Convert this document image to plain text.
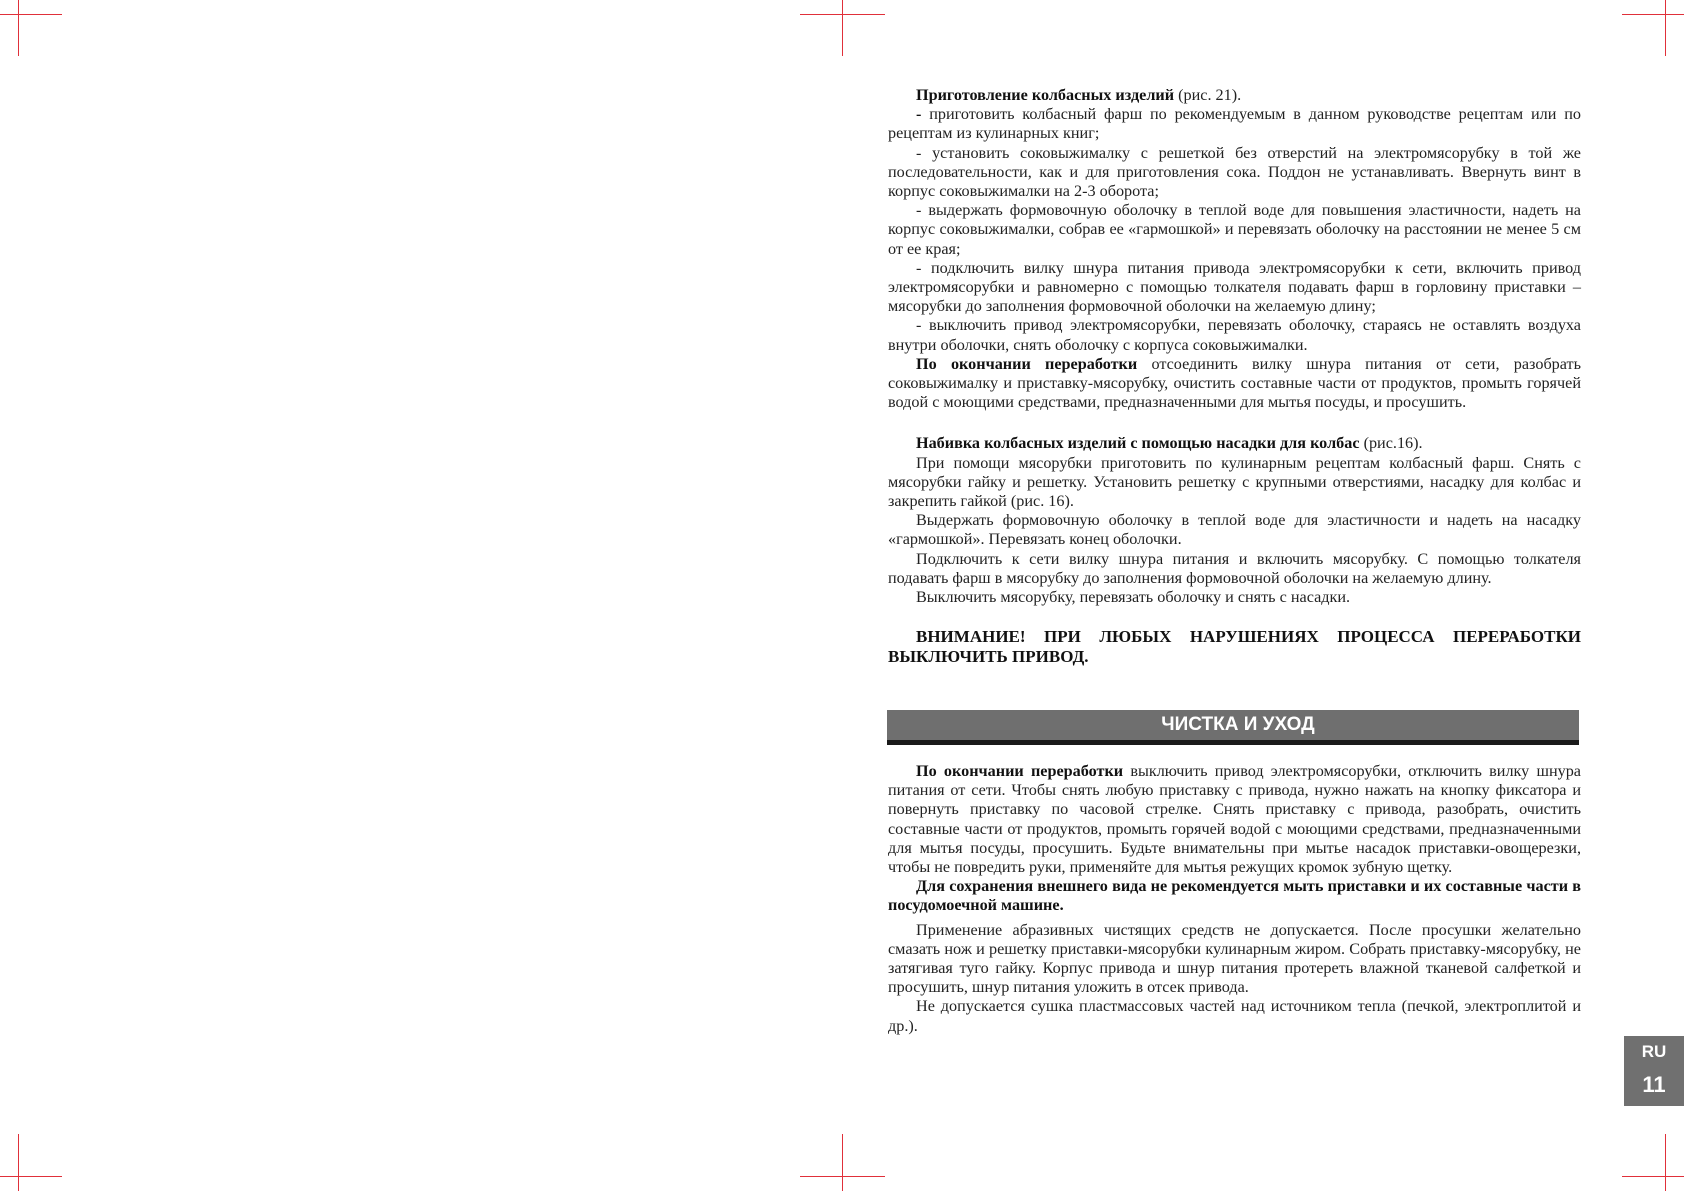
Приготовление колбасных изделий (рис. 21).

- приготовить колбасный фарш по рекомендуемым в данном руководстве рецептам или по рецептам из кулинарных книг;

- установить соковыжималку с решеткой без отверстий на электромясорубку в той же последовательности, как и для приготовления сока. Поддон не устанавливать. Ввернуть винт в корпус соковыжималки на 2-3 оборота;

- выдержать формовочную оболочку в теплой воде для повышения эластичности, надеть на корпус соковыжималки, собрав ее «гармошкой» и перевязать оболочку на расстоянии не менее 5 см от ее края;

- подключить вилку шнура питания привода электромясорубки к сети, включить привод электромясорубки и равномерно с помощью толкателя подавать фарш в горловину приставки – мясорубки до заполнения формовочной оболочки на желаемую длину;

- выключить привод электромясорубки, перевязать оболочку, стараясь не оставлять воздуха внутри оболочки, снять оболочку с корпуса соковыжималки.

По окончании переработки отсоединить вилку шнура питания от сети, разобрать соковыжималку и приставку-мясорубку, очистить составные части от продуктов, промыть горячей водой с моющими средствами, предназначенными для мытья посуды, и просушить.

Набивка колбасных изделий с помощью насадки для колбас (рис.16).

При помощи мясорубки приготовить по кулинарным рецептам колбасный фарш. Снять с мясорубки гайку и решетку. Установить решетку с крупными отверстиями, насадку для колбас и закрепить гайкой (рис. 16).

Выдержать формовочную оболочку в теплой воде для эластичности и надеть на насадку «гармошкой». Перевязать конец оболочки.

Подключить к сети вилку шнура питания и включить мясорубку. С помощью толкателя подавать фарш в мясорубку до заполнения формовочной оболочки на желаемую длину.

Выключить мясорубку, перевязать оболочку и снять с насадки.

ВНИМАНИЕ! ПРИ ЛЮБЫХ НАРУШЕНИЯХ ПРОЦЕССА ПЕРЕРАБОТКИ ВЫКЛЮЧИТЬ ПРИВОД.

ЧИСТКА И УХОД

По окончании переработки выключить привод электромясорубки, отключить вилку шнура питания от сети. Чтобы снять любую приставку с привода, нужно нажать на кнопку фиксатора и повернуть приставку по часовой стрелке. Снять приставку с привода, разобрать, очистить составные части от продуктов, промыть горячей водой с моющими средствами, предназначенными для мытья посуды, просушить. Будьте внимательны при мытье насадок приставки-овощерезки, чтобы не повредить руки, применяйте для мытья режущих кромок зубную щетку.

Для сохранения внешнего вида не рекомендуется мыть приставки и их составные части в посудомоечной машине.

Применение абразивных чистящих средств не допускается. После просушки желательно смазать нож и решетку приставки-мясорубки кулинарным жиром. Собрать приставку-мясорубку, не затягивая туго гайку. Корпус привода и шнур питания протереть влажной тканевой салфеткой и просушить, шнур питания уложить в отсек привода.

Не допускается сушка пластмассовых частей над источником тепла (печкой, электроплитой и др.).

RU
11
